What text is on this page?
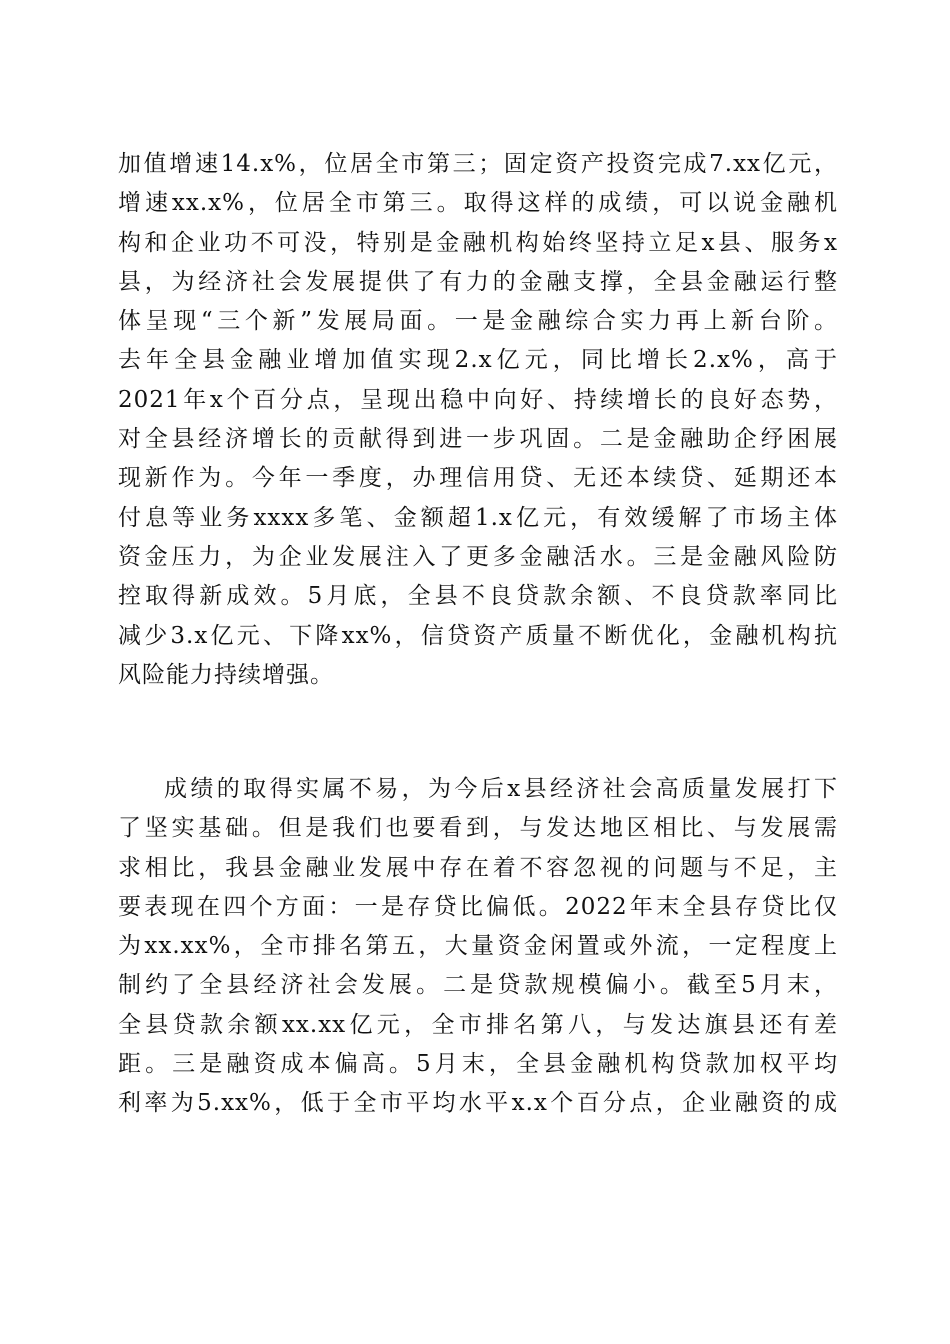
加值增速14.x%，位居全市第三；固定资产投资完成7.xx亿元，
增速xx.x%，位居全市第三。取得这样的成绩，可以说金融机
构和企业功不可没，特别是金融机构始终坚持立足x县、服务x
县，为经济社会发展提供了有力的金融支撑，全县金融运行整
体呈现“三个新”发展局面。一是金融综合实力再上新台阶。
去年全县金融业增加值实现2.x亿元，同比增长2.x%，高于
2021年x个百分点，呈现出稳中向好、持续增长的良好态势，
对全县经济增长的贡献得到进一步巩固。二是金融助企纾困展
现新作为。今年一季度，办理信用贷、无还本续贷、延期还本
付息等业务xxxx多笔、金额超1.x亿元，有效缓解了市场主体
资金压力，为企业发展注入了更多金融活水。三是金融风险防
控取得新成效。5月底，全县不良贷款余额、不良贷款率同比
减少3.x亿元、下降xx%，信贷资产质量不断优化，金融机构抗
风险能力持续增强。
成绩的取得实属不易，为今后x县经济社会高质量发展打下
了坚实基础。但是我们也要看到，与发达地区相比、与发展需
求相比，我县金融业发展中存在着不容忽视的问题与不足，主
要表现在四个方面：一是存贷比偏低。2022年末全县存贷比仅
为xx.xx%，全市排名第五，大量资金闲置或外流，一定程度上
制约了全县经济社会发展。二是贷款规模偏小。截至5月末，
全县贷款余额xx.xx亿元，全市排名第八，与发达旗县还有差
距。三是融资成本偏高。5月末，全县金融机构贷款加权平均
利率为5.xx%，低于全市平均水平x.x个百分点，企业融资的成
